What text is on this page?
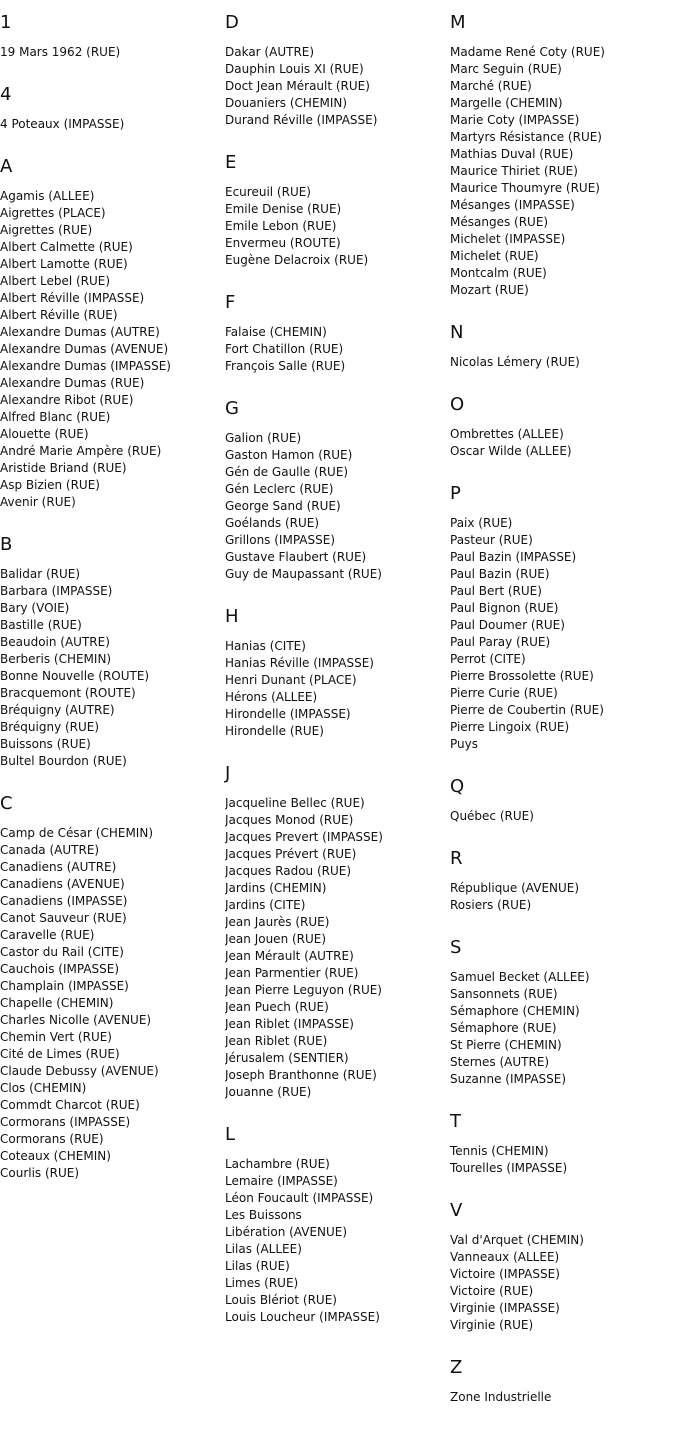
1
19 Mars 1962 (RUE)
4
4 Poteaux (IMPASSE)
A
Agamis (ALLEE)
Aigrettes (PLACE)
Aigrettes (RUE)
Albert Calmette (RUE)
Albert Lamotte (RUE)
Albert Lebel (RUE)
Albert Réville (IMPASSE)
Albert Réville (RUE)
Alexandre Dumas (AUTRE)
Alexandre Dumas (AVENUE)
Alexandre Dumas (IMPASSE)
Alexandre Dumas (RUE)
Alexandre Ribot (RUE)
Alfred Blanc (RUE)
Alouette (RUE)
André Marie Ampère (RUE)
Aristide Briand (RUE)
Asp Bizien (RUE)
Avenir (RUE)
B
Balidar (RUE)
Barbara (IMPASSE)
Bary (VOIE)
Bastille (RUE)
Beaudoin (AUTRE)
Berberis (CHEMIN)
Bonne Nouvelle (ROUTE)
Bracquemont (ROUTE)
Bréquigny (AUTRE)
Bréquigny (RUE)
Buissons (RUE)
Bultel Bourdon (RUE)
C
Camp de César (CHEMIN)
Canada (AUTRE)
Canadiens (AUTRE)
Canadiens (AVENUE)
Canadiens (IMPASSE)
Canot Sauveur (RUE)
Caravelle (RUE)
Castor du Rail (CITE)
Cauchois (IMPASSE)
Champlain (IMPASSE)
Chapelle (CHEMIN)
Charles Nicolle (AVENUE)
Chemin Vert (RUE)
Cité de Limes (RUE)
Claude Debussy (AVENUE)
Clos (CHEMIN)
Commdt Charcot (RUE)
Cormorans (IMPASSE)
Cormorans (RUE)
Coteaux (CHEMIN)
Courlis (RUE)
D
Dakar (AUTRE)
Dauphin Louis XI (RUE)
Doct Jean Mérault (RUE)
Douaniers (CHEMIN)
Durand Réville (IMPASSE)
E
Ecureuil (RUE)
Emile Denise (RUE)
Emile Lebon (RUE)
Envermeu (ROUTE)
Eugène Delacroix (RUE)
F
Falaise (CHEMIN)
Fort Chatillon (RUE)
François Salle (RUE)
G
Galion (RUE)
Gaston Hamon (RUE)
Gén de Gaulle (RUE)
Gén Leclerc (RUE)
George Sand (RUE)
Goélands (RUE)
Grillons (IMPASSE)
Gustave Flaubert (RUE)
Guy de Maupassant (RUE)
H
Hanias (CITE)
Hanias Réville (IMPASSE)
Henri Dunant (PLACE)
Hérons (ALLEE)
Hirondelle (IMPASSE)
Hirondelle (RUE)
J
Jacqueline Bellec (RUE)
Jacques Monod (RUE)
Jacques Prevert (IMPASSE)
Jacques Prévert (RUE)
Jacques Radou (RUE)
Jardins (CHEMIN)
Jardins (CITE)
Jean Jaurès (RUE)
Jean Jouen (RUE)
Jean Mérault (AUTRE)
Jean Parmentier (RUE)
Jean Pierre Leguyon (RUE)
Jean Puech (RUE)
Jean Riblet (IMPASSE)
Jean Riblet (RUE)
Jérusalem (SENTIER)
Joseph Branthonne (RUE)
Jouanne (RUE)
L
Lachambre (RUE)
Lemaire (IMPASSE)
Léon Foucault (IMPASSE)
Les Buissons
Libération (AVENUE)
Lilas (ALLEE)
Lilas (RUE)
Limes (RUE)
Louis Blériot (RUE)
Louis Loucheur (IMPASSE)
M
Madame René Coty (RUE)
Marc Seguin (RUE)
Marché (RUE)
Margelle (CHEMIN)
Marie Coty (IMPASSE)
Martyrs Résistance (RUE)
Mathias Duval (RUE)
Maurice Thiriet (RUE)
Maurice Thoumyre (RUE)
Mésanges (IMPASSE)
Mésanges (RUE)
Michelet (IMPASSE)
Michelet (RUE)
Montcalm (RUE)
Mozart (RUE)
N
Nicolas Lémery (RUE)
O
Ombrettes (ALLEE)
Oscar Wilde (ALLEE)
P
Paix (RUE)
Pasteur (RUE)
Paul Bazin (IMPASSE)
Paul Bazin (RUE)
Paul Bert (RUE)
Paul Bignon (RUE)
Paul Doumer (RUE)
Paul Paray (RUE)
Perrot (CITE)
Pierre Brossolette (RUE)
Pierre Curie (RUE)
Pierre de Coubertin (RUE)
Pierre Lingoix (RUE)
Puys
Q
Québec (RUE)
R
République (AVENUE)
Rosiers (RUE)
S
Samuel Becket (ALLEE)
Sansonnets (RUE)
Sémaphore (CHEMIN)
Sémaphore (RUE)
St Pierre (CHEMIN)
Sternes (AUTRE)
Suzanne (IMPASSE)
T
Tennis (CHEMIN)
Tourelles (IMPASSE)
V
Val d'Arquet (CHEMIN)
Vanneaux (ALLEE)
Victoire (IMPASSE)
Victoire (RUE)
Virginie (IMPASSE)
Virginie (RUE)
Z
Zone Industrielle
